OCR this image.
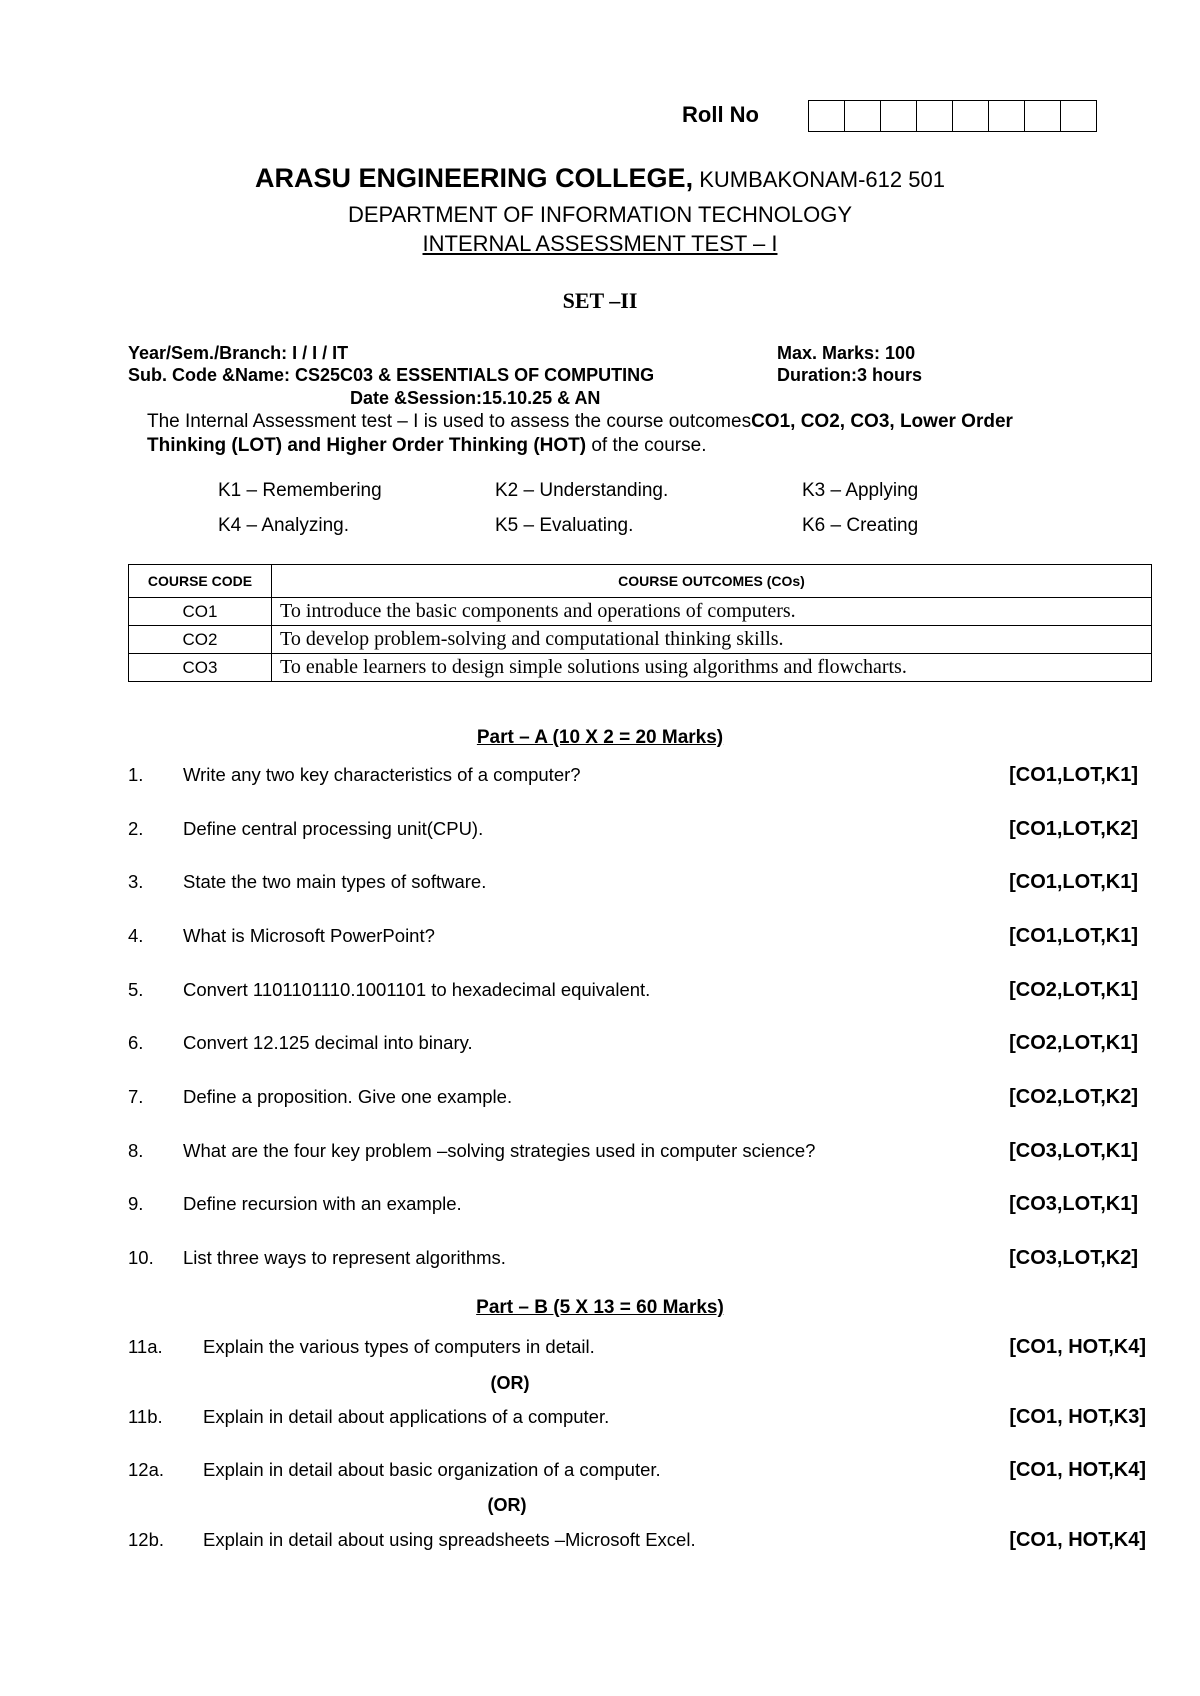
Roll No
ARASU ENGINEERING COLLEGE, KUMBAKONAM-612 501
DEPARTMENT OF INFORMATION TECHNOLOGY
INTERNAL ASSESSMENT TEST – I
SET –II
Year/Sem./Branch: I / I / IT	Max. Marks: 100
Sub. Code &Name: CS25C03 & ESSENTIALS OF COMPUTING	Duration:3 hours
Date &Session:15.10.25 & AN
The Internal Assessment test – I is used to assess the course outcomesCO1, CO2, CO3, Lower Order Thinking (LOT) and Higher Order Thinking (HOT) of the course.
K1 – Remembering	K2 – Understanding.	K3 – Applying
K4 – Analyzing.	K5 – Evaluating.	K6 – Creating
COURSE CODE	COURSE OUTCOMES (COs)
CO1	To introduce the basic components and operations of computers.
CO2	To develop problem-solving and computational thinking skills.
CO3	To enable learners to design simple solutions using algorithms and flowcharts.
Part – A (10 X 2 = 20 Marks)
1. Write any two key characteristics of a computer?	[CO1,LOT,K1]
2. Define central processing unit(CPU).	[CO1,LOT,K2]
3. State the two main types of software.	[CO1,LOT,K1]
4. What is Microsoft PowerPoint?	[CO1,LOT,K1]
5. Convert 1101101110.1001101 to hexadecimal equivalent.	[CO2,LOT,K1]
6. Convert 12.125 decimal into binary.	[CO2,LOT,K1]
7. Define a proposition. Give one example.	[CO2,LOT,K2]
8. What are the four key problem –solving strategies used in computer science?	[CO3,LOT,K1]
9. Define recursion with an example.	[CO3,LOT,K1]
10. List three ways to represent algorithms.	[CO3,LOT,K2]
Part – B (5 X 13 = 60 Marks)
11a. Explain the various types of computers in detail.	[CO1, HOT,K4]
(OR)
11b. Explain in detail about applications of a computer.	[CO1, HOT,K3]
12a. Explain in detail about basic organization of a computer.	[CO1, HOT,K4]
(OR)
12b. Explain in detail about using spreadsheets –Microsoft Excel.	[CO1, HOT,K4]
